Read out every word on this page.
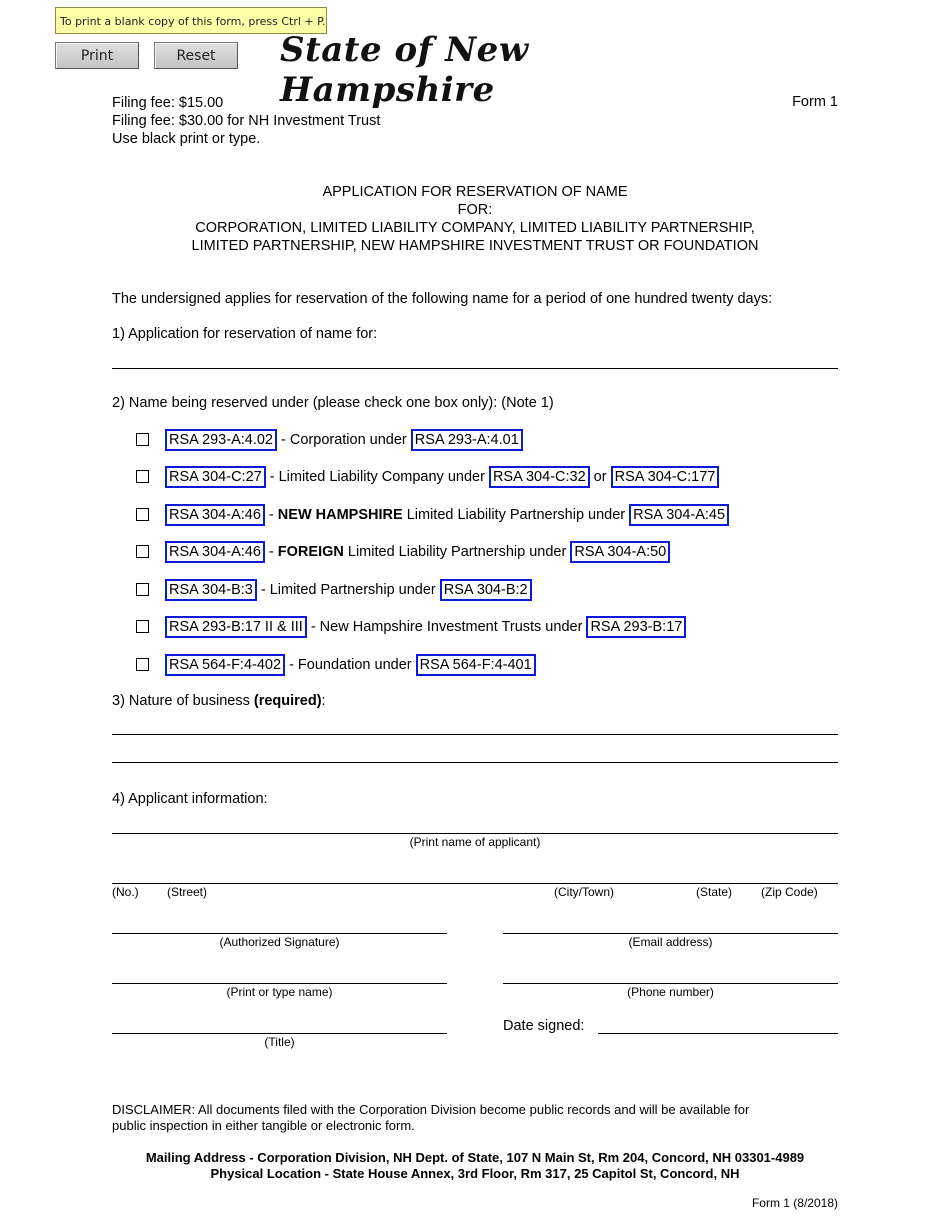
To print a blank copy of this form, press Ctrl + P.
Print	Reset	State of New Hampshire
Filing fee: $15.00
Filing fee: $30.00 for NH Investment Trust
Use black print or type.
Form 1
APPLICATION FOR RESERVATION OF NAME
FOR:
CORPORATION, LIMITED LIABILITY COMPANY, LIMITED LIABILITY PARTNERSHIP,
LIMITED PARTNERSHIP, NEW HAMPSHIRE INVESTMENT TRUST OR FOUNDATION
The undersigned applies for reservation of the following name for a period of one hundred twenty days:
1) Application for reservation of name for:
2) Name being reserved under (please check one box only): (Note 1)
RSA 293-A:4.02 - Corporation under RSA 293-A:4.01
RSA 304-C:27 - Limited Liability Company under RSA 304-C:32 or RSA 304-C:177
RSA 304-A:46 - NEW HAMPSHIRE Limited Liability Partnership under RSA 304-A:45
RSA 304-A:46 - FOREIGN Limited Liability Partnership under RSA 304-A:50
RSA 304-B:3 - Limited Partnership under RSA 304-B:2
RSA 293-B:17 II & III - New Hampshire Investment Trusts under RSA 293-B:17
RSA 564-F:4-402 - Foundation under RSA 564-F:4-401
3) Nature of business (required):
4) Applicant information:
(Print name of applicant)
(No.) (Street)	(City/Town)	(State) (Zip Code)
(Authorized Signature)	(Email address)
(Print or type name)	(Phone number)
(Title)
Date signed:
DISCLAIMER: All documents filed with the Corporation Division become public records and will be available for
public inspection in either tangible or electronic form.
Mailing Address - Corporation Division, NH Dept. of State, 107 N Main St, Rm 204, Concord, NH 03301-4989
Physical Location - State House Annex, 3rd Floor, Rm 317, 25 Capitol St, Concord, NH
Form 1 (8/2018)
